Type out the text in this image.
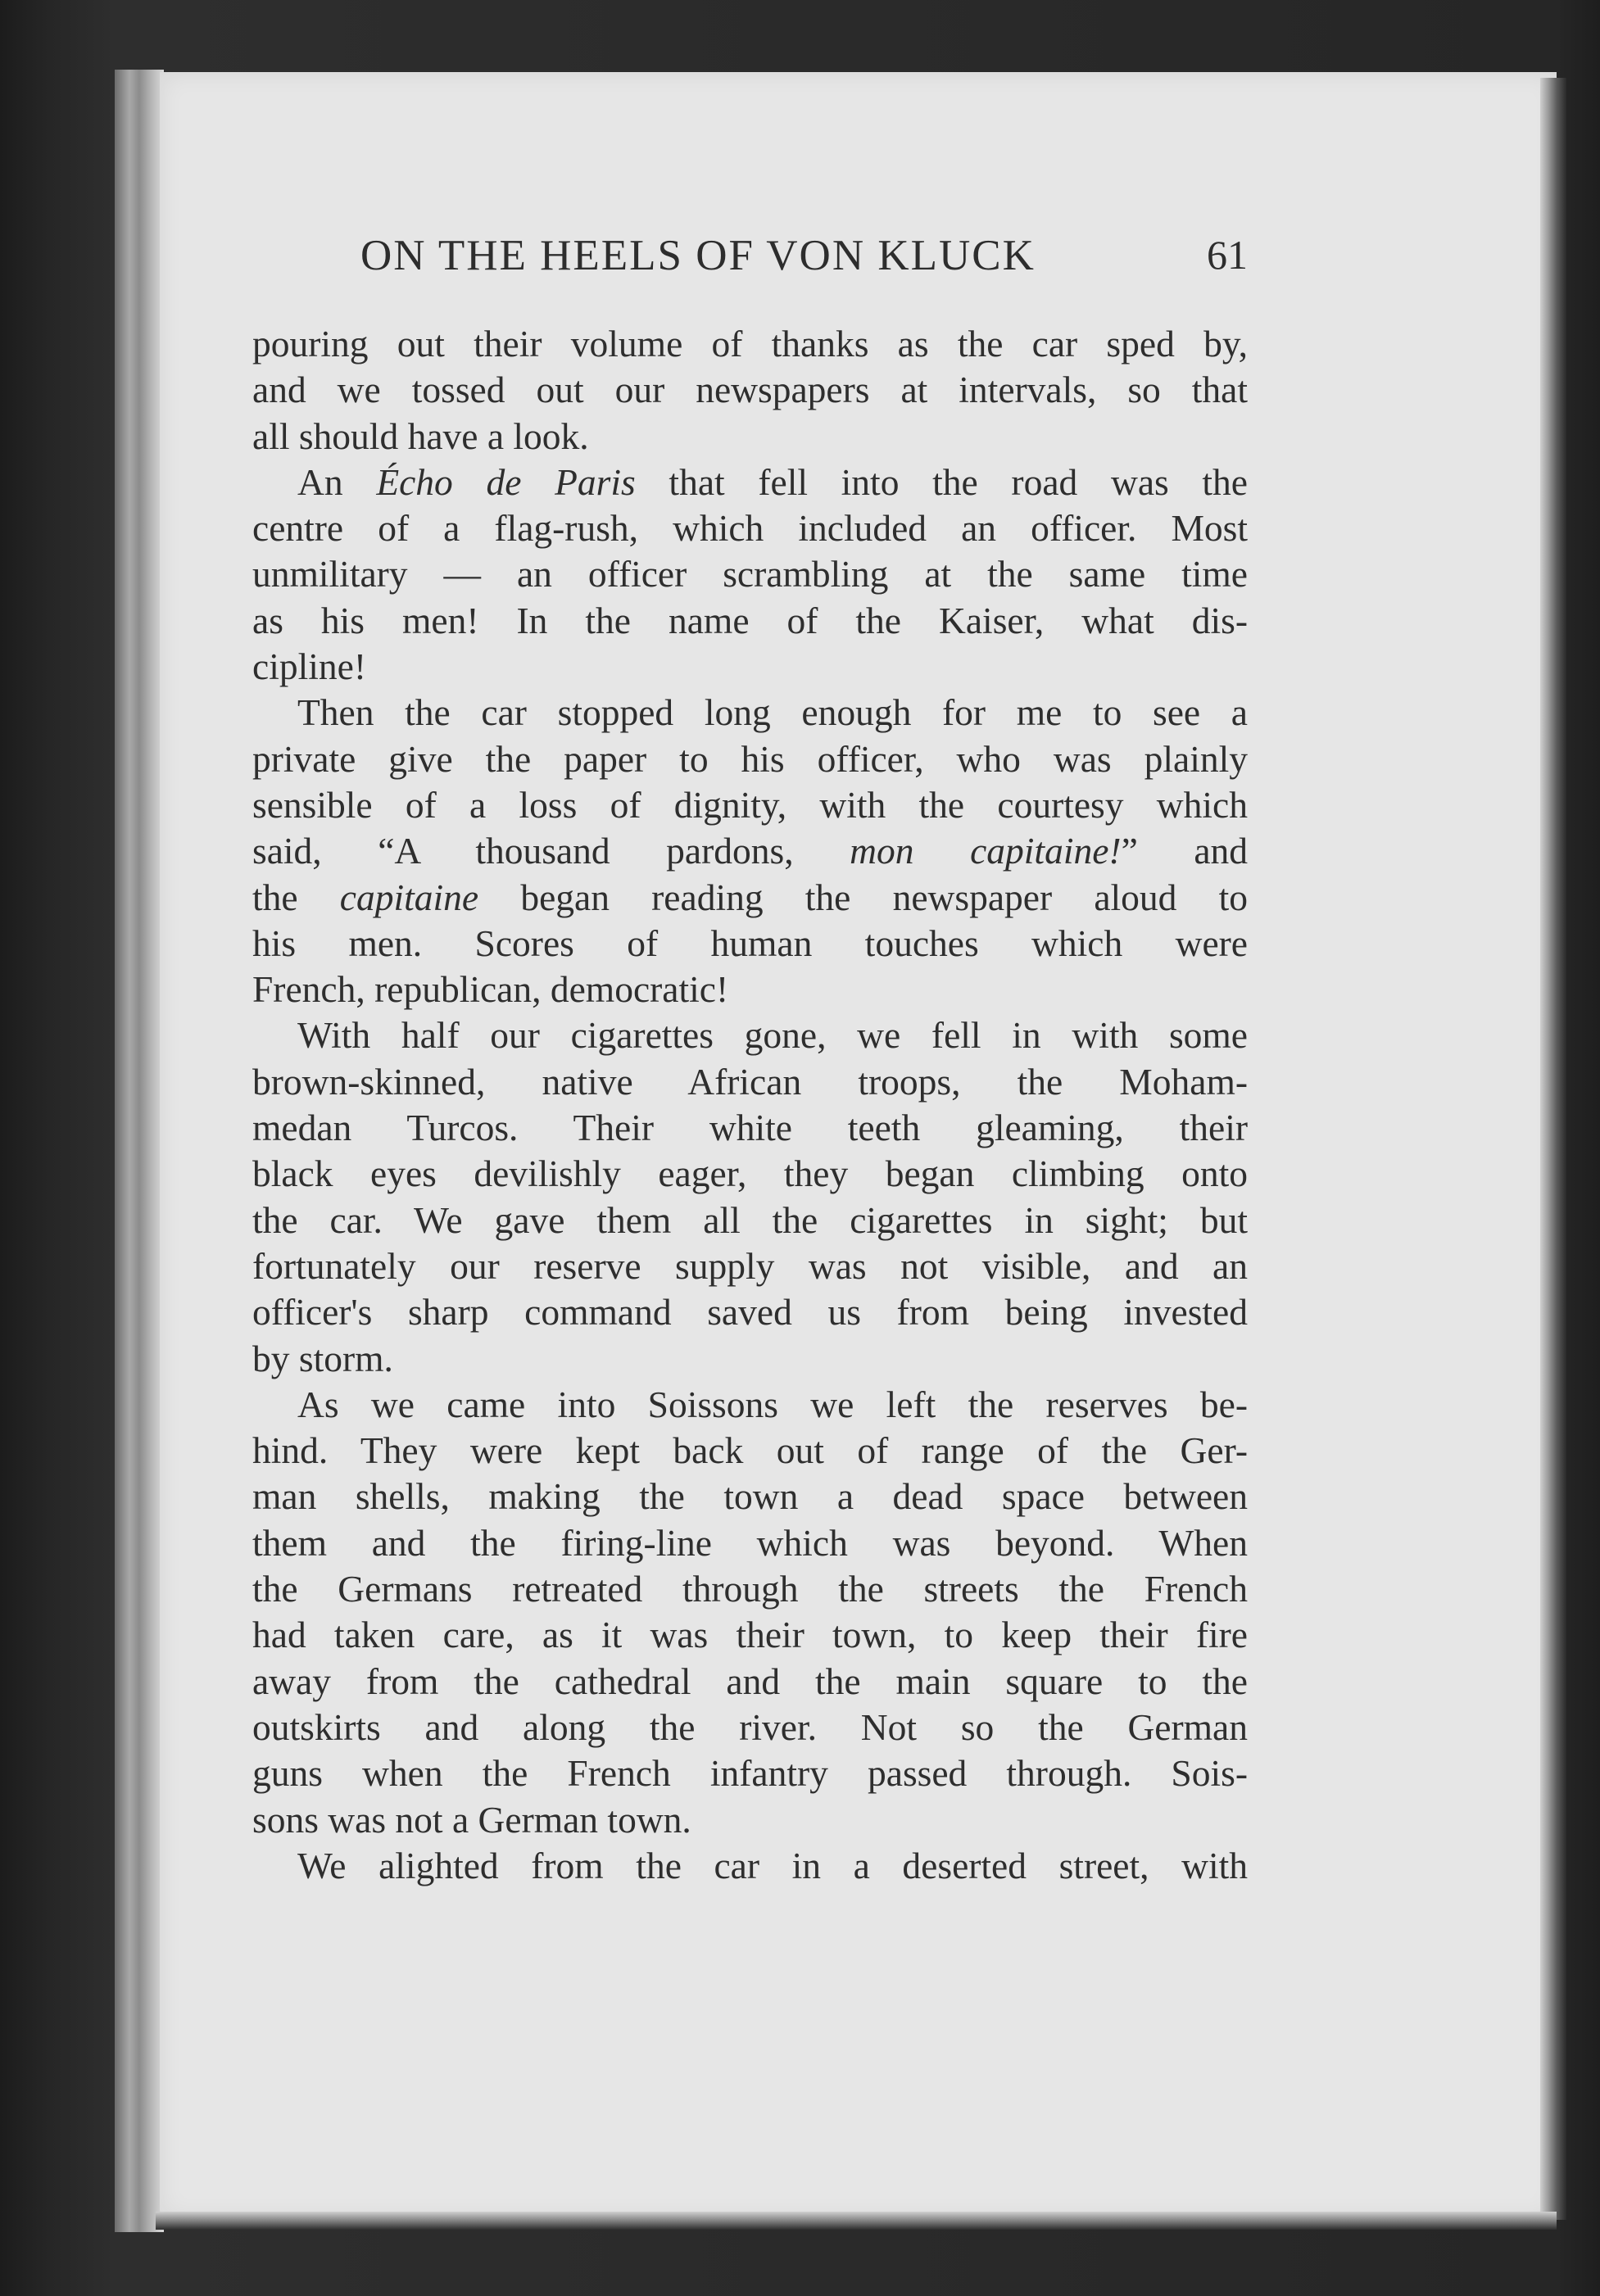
ON THE HEELS OF VON KLUCK	61
pouring out their volume of thanks as the car sped by,
and we tossed out our newspapers at intervals, so that
all should have a look.
An Écho de Paris that fell into the road was the
centre of a flag-rush, which included an officer. Most
unmilitary — an officer scrambling at the same time
as his men! In the name of the Kaiser, what dis-
cipline!
Then the car stopped long enough for me to see a
private give the paper to his officer, who was plainly
sensible of a loss of dignity, with the courtesy which
said, “A thousand pardons, mon capitaine!” and
the capitaine began reading the newspaper aloud to
his men. Scores of human touches which were
French, republican, democratic!
With half our cigarettes gone, we fell in with some
brown-skinned, native African troops, the Moham-
medan Turcos. Their white teeth gleaming, their
black eyes devilishly eager, they began climbing onto
the car. We gave them all the cigarettes in sight; but
fortunately our reserve supply was not visible, and an
officer's sharp command saved us from being invested
by storm.
As we came into Soissons we left the reserves be-
hind. They were kept back out of range of the Ger-
man shells, making the town a dead space between
them and the firing-line which was beyond. When
the Germans retreated through the streets the French
had taken care, as it was their town, to keep their fire
away from the cathedral and the main square to the
outskirts and along the river. Not so the German
guns when the French infantry passed through. Sois-
sons was not a German town.
We alighted from the car in a deserted street, with
